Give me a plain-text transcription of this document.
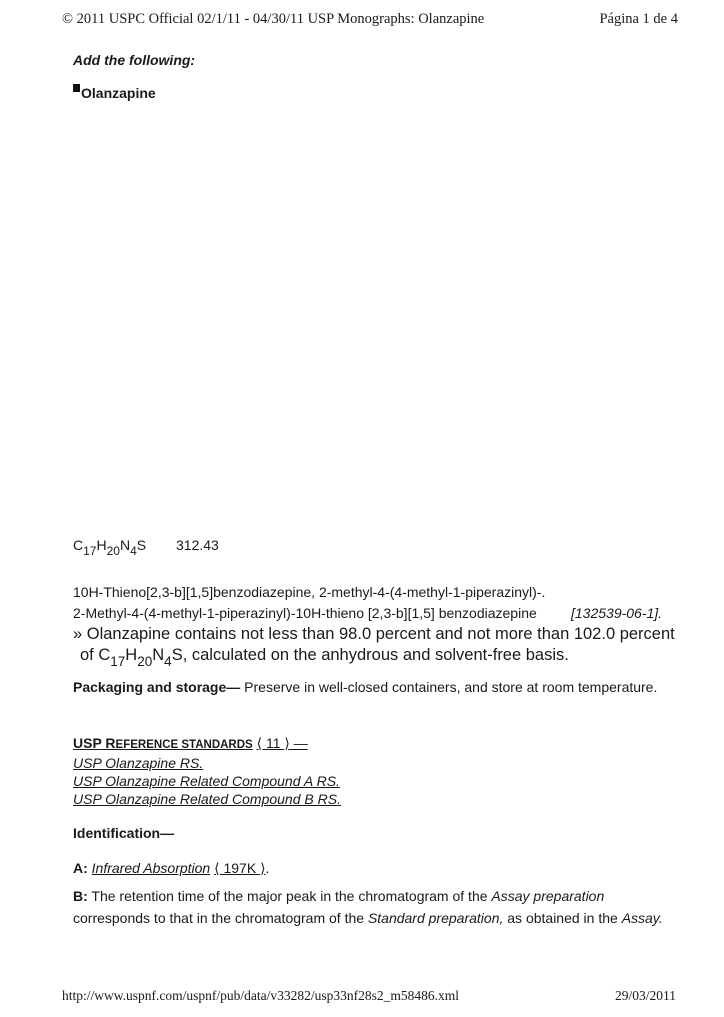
© 2011 USPC Official 02/1/11 - 04/30/11 USP Monographs: Olanzapine	Página 1 de 4
Add the following:
Olanzapine
$C_{17}H_{20}N_4S$ 312.43
10H-Thieno[2,3-b][1,5]benzodiazepine, 2-methyl-4-(4-methyl-1-piperazinyl)-.
2-Methyl-4-(4-methyl-1-piperazinyl)-10H-thieno [2,3-b][1,5] benzodiazepine [132539-06-1].
» Olanzapine contains not less than 98.0 percent and not more than 102.0 percent
of $C_{17}H_{20}N_4S$, calculated on the anhydrous and solvent-free basis.
Packaging and storage— Preserve in well-closed containers, and store at room temperature.
USP REFERENCE STANDARDS ⟨ 11 ⟩ —
USP Olanzapine RS.
USP Olanzapine Related Compound A RS.
USP Olanzapine Related Compound B RS.
Identification—
A: Infrared Absorption ⟨ 197K ⟩.
B: The retention time of the major peak in the chromatogram of the Assay preparation corresponds to that in the chromatogram of the Standard preparation, as obtained in the Assay.
http://www.uspnf.com/uspnf/pub/data/v33282/usp33nf28s2_m58486.xml	29/03/2011
